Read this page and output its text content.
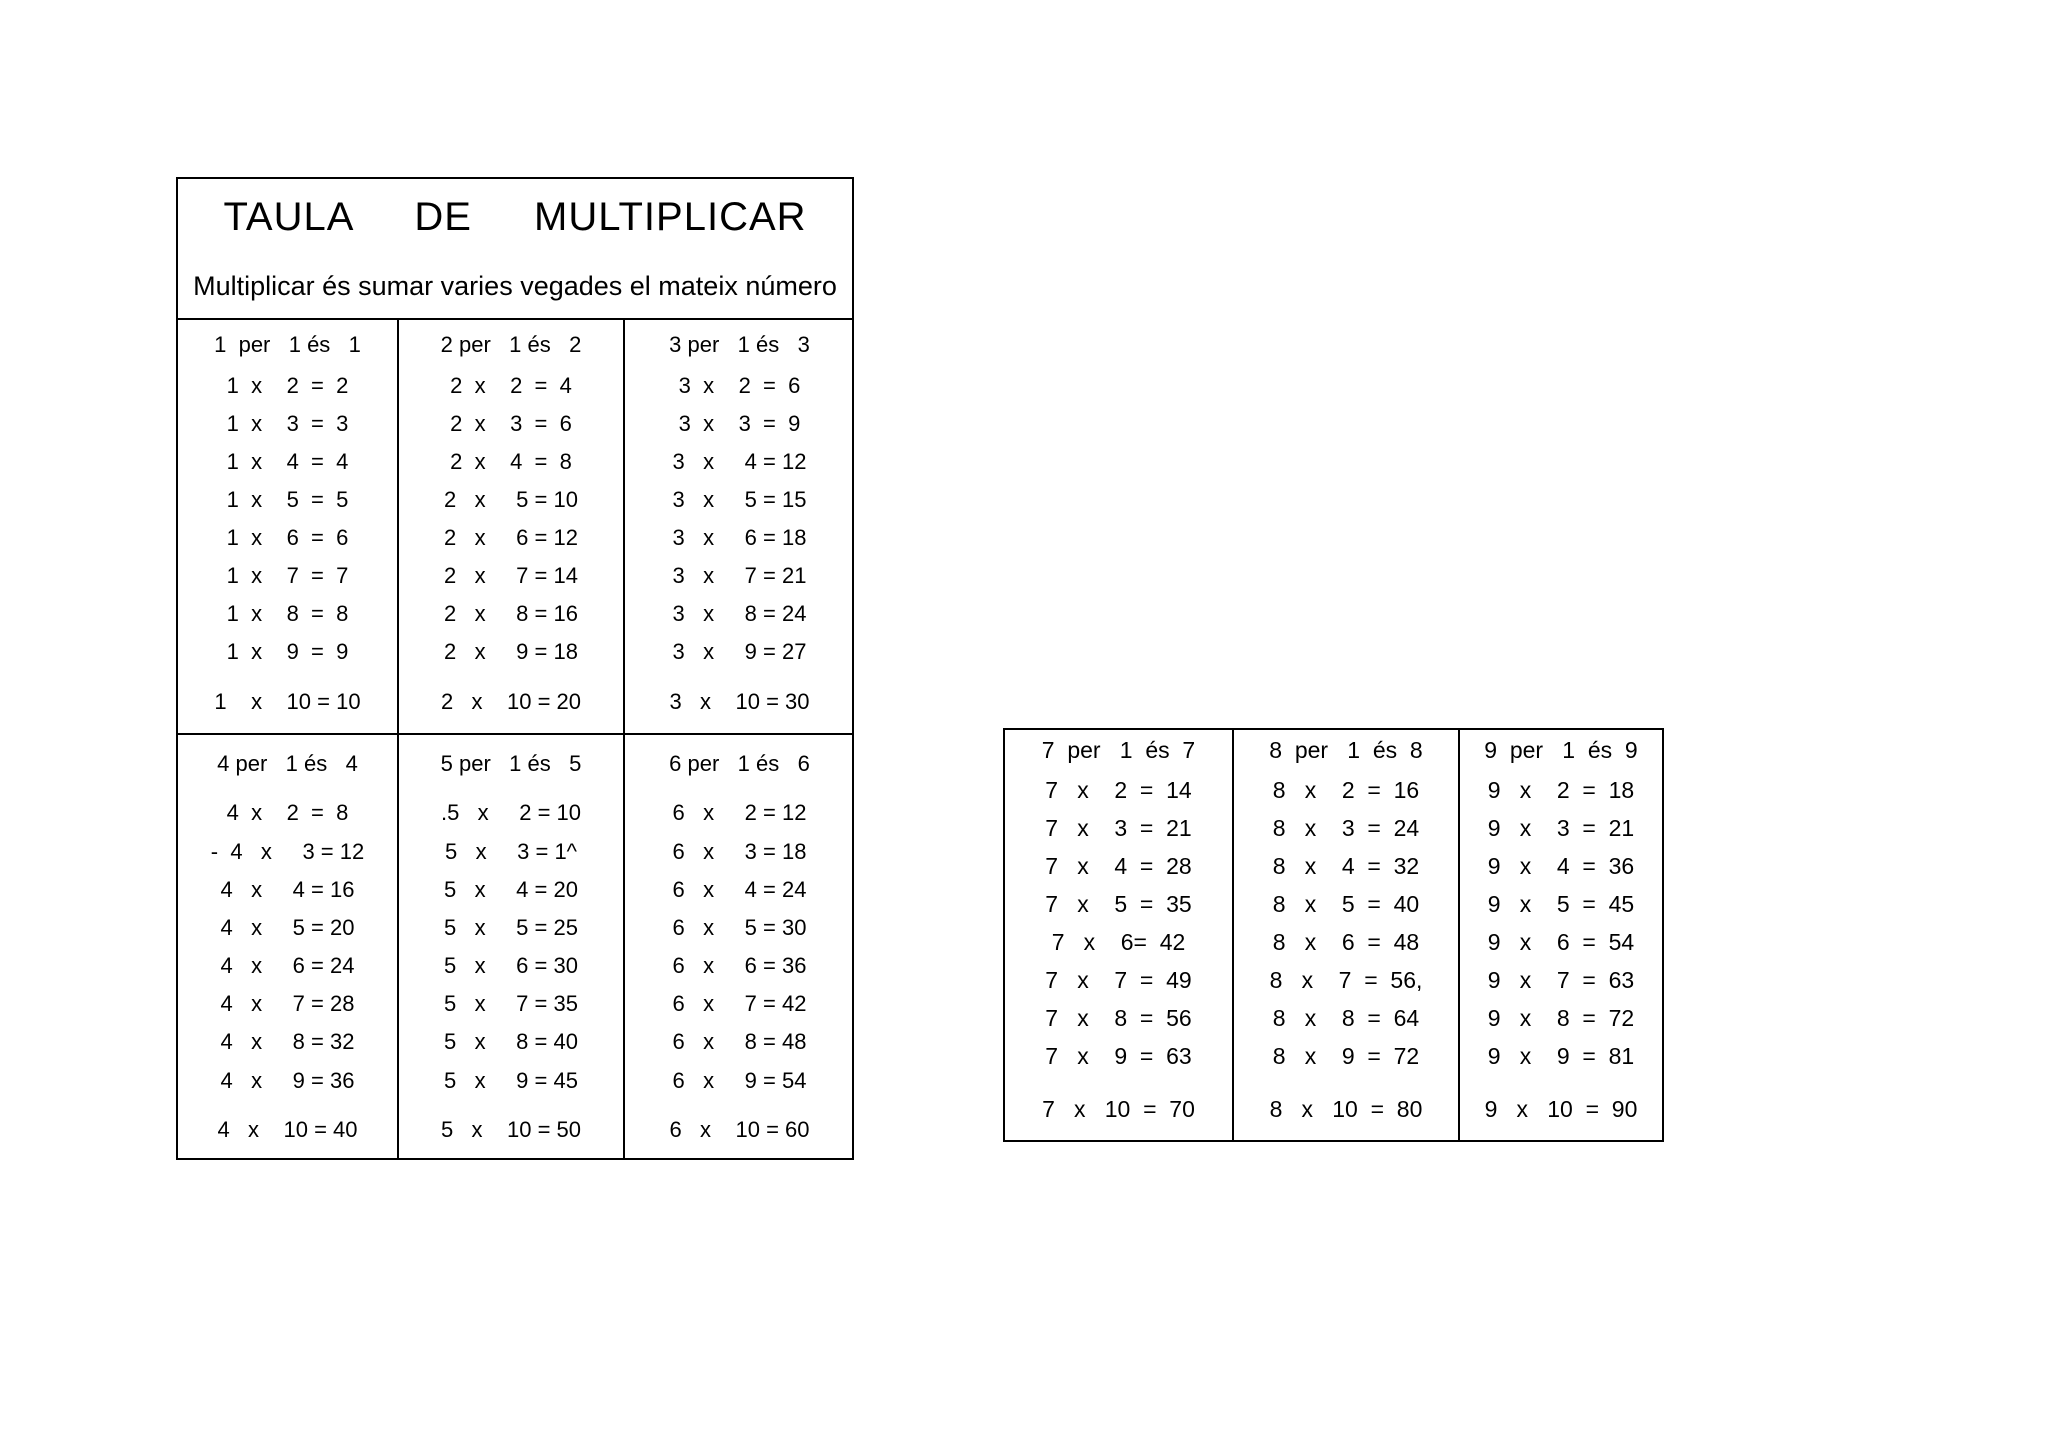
TAULA DE MULTIPLICAR
Multiplicar és sumar varies vegades el mateix número
1  per   1 és   1
1  x    2  =  2
1  x    3  =  3
1  x    4  =  4
1  x    5  =  5
1  x    6  =  6
1  x    7  =  7
1  x    8  =  8
1  x    9  =  9
1    x    10 = 10
2 per   1 és   2
2  x    2  =  4
2  x    3  =  6
2  x    4  =  8
2   x     5 = 10
2   x     6 = 12
2   x     7 = 14
2   x     8 = 16
2   x     9 = 18
2   x    10 = 20
3 per   1 és   3
3  x    2  =  6
3  x    3  =  9
3   x     4 = 12
3   x     5 = 15
3   x     6 = 18
3   x     7 = 21
3   x     8 = 24
3   x     9 = 27
3   x    10 = 30
4 per   1 és   4
4  x    2  =  8
-  4   x     3 = 12
4   x     4 = 16
4   x     5 = 20
4   x     6 = 24
4   x     7 = 28
4   x     8 = 32
4   x     9 = 36
4   x    10 = 40
5 per   1 és   5
.5   x     2 = 10
5   x     3 = 1^
5   x     4 = 20
5   x     5 = 25
5   x     6 = 30
5   x     7 = 35
5   x     8 = 40
5   x     9 = 45
5   x    10 = 50
6 per   1 és   6
6   x     2 = 12
6   x     3 = 18
6   x     4 = 24
6   x     5 = 30
6   x     6 = 36
6   x     7 = 42
6   x     8 = 48
6   x     9 = 54
6   x    10 = 60
7  per   1  és  7
7   x    2  =  14
7   x    3  =  21
7   x    4  =  28
7   x    5  =  35
7   x    6=  42
7   x    7  =  49
7   x    8  =  56
7   x    9  =  63
7   x   10  =  70
8  per   1  és  8
8   x    2  =  16
8   x    3  =  24
8   x    4  =  32
8   x    5  =  40
8   x    6  =  48
8   x    7  =  56,
8   x    8  =  64
8   x    9  =  72
8   x   10  =  80
9  per   1  és  9
9   x    2  =  18
9   x    3  =  21
9   x    4  =  36
9   x    5  =  45
9   x    6  =  54
9   x    7  =  63
9   x    8  =  72
9   x    9  =  81
9   x   10  =  90
